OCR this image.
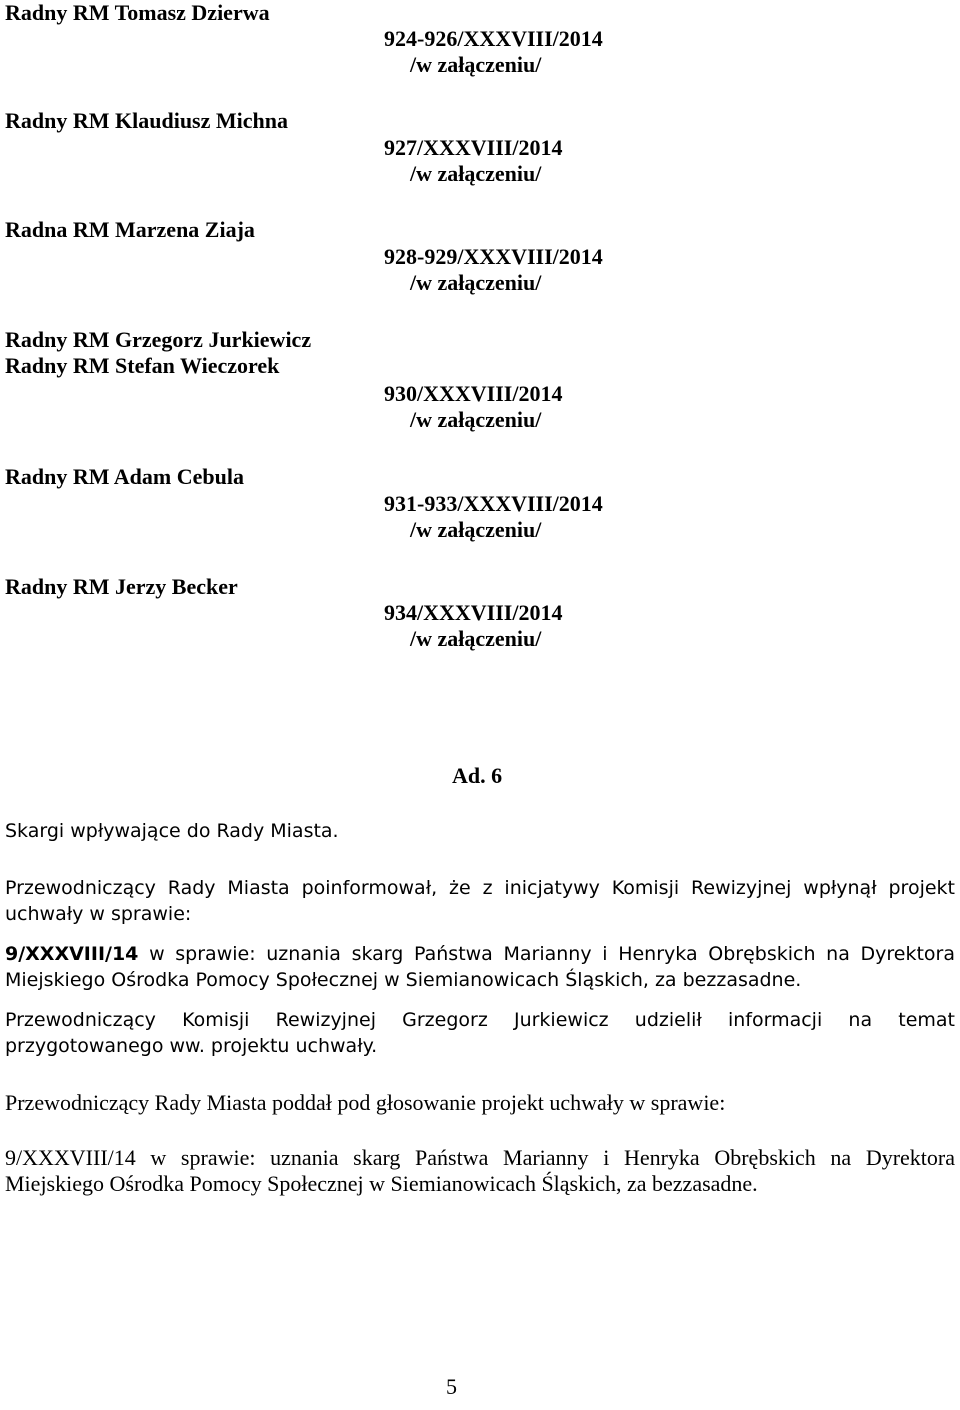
Radny RM Tomasz Dzierwa
924-926/XXXVIII/2014
/w załączeniu/
Radny RM Klaudiusz Michna
927/XXXVIII/2014
/w załączeniu/
Radna RM Marzena Ziaja
928-929/XXXVIII/2014
/w załączeniu/
Radny RM Grzegorz Jurkiewicz
Radny RM Stefan Wieczorek
930/XXXVIII/2014
/w załączeniu/
Radny RM Adam Cebula
931-933/XXXVIII/2014
/w załączeniu/
Radny RM Jerzy Becker
934/XXXVIII/2014
/w załączeniu/
Ad. 6
Skargi wpływające do Rady Miasta.
Przewodniczący Rady Miasta poinformował, że z inicjatywy Komisji Rewizyjnej wpłynął projekt
uchwały w sprawie:
9/XXXVIII/14 w sprawie: uznania skarg Państwa Marianny i Henryka Obrębskich na Dyrektora
Miejskiego Ośrodka Pomocy Społecznej w Siemianowicach Śląskich, za bezzasadne.
Przewodniczący Komisji Rewizyjnej Grzegorz Jurkiewicz udzielił informacji na temat
przygotowanego ww. projektu uchwały.
Przewodniczący Rady Miasta poddał pod głosowanie projekt uchwały w sprawie:
9/XXXVIII/14 w sprawie: uznania skarg Państwa Marianny i Henryka Obrębskich na Dyrektora
Miejskiego Ośrodka Pomocy Społecznej w Siemianowicach Śląskich, za bezzasadne.
5
